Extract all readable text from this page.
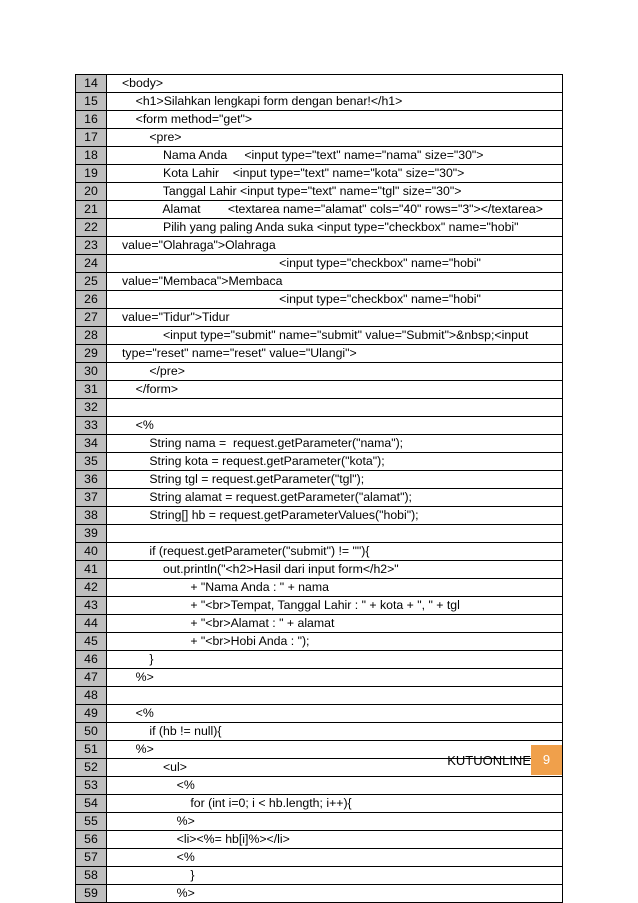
14	<body>
15	<h1>Silahkan lengkapi form dengan benar!</h1>
16	<form method="get">
17	<pre>
18	Nama Anda     <input type="text" name="nama" size="30">
19	Kota Lahir    <input type="text" name="kota" size="30">
20	Tanggal Lahir <input type="text" name="tgl" size="30">
21	Alamat        <textarea name="alamat" cols="40" rows="3"></textarea>
22	Pilih yang paling Anda suka <input type="checkbox" name="hobi"
23	value="Olahraga">Olahraga
24	<input type="checkbox" name="hobi"
25	value="Membaca">Membaca
26	<input type="checkbox" name="hobi"
27	value="Tidur">Tidur
28	<input type="submit" name="submit" value="Submit">&nbsp;<input
29	type="reset" name="reset" value="Ulangi">
30	</pre>
31	</form>
32	
33	<%
34	String nama =  request.getParameter("nama");
35	String kota = request.getParameter("kota");
36	String tgl = request.getParameter("tgl");
37	String alamat = request.getParameter("alamat");
38	String[] hb = request.getParameterValues("hobi");
39	
40	if (request.getParameter("submit") != ""){
41	out.println("<h2>Hasil dari input form</h2>"
42	+ "Nama Anda : " + nama
43	+ "<br>Tempat, Tanggal Lahir : " + kota + ", " + tgl
44	+ "<br>Alamat : " + alamat
45	+ "<br>Hobi Anda : ");
46	}
47	%>
48	
49	<%
50	if (hb != null){
51	%>
52	<ul>
53	<%
54	for (int i=0; i < hb.length; i++){
55	%>
56	<li><%= hb[i]%></li>
57	<%
58	}
59	%>
KUTUONLINE 9
